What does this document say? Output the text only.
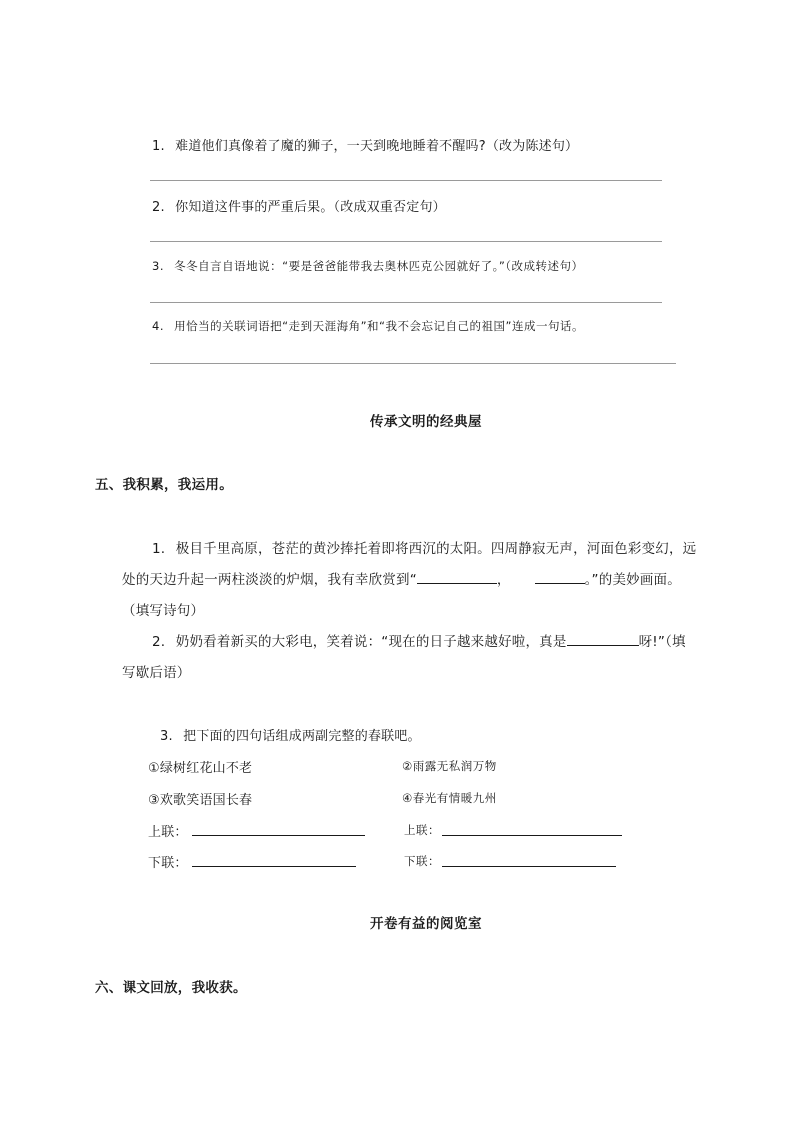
1. 难道他们真像着了魔的狮子，一天到晚地睡着不醒吗?（改为陈述句）
2. 你知道这件事的严重后果。（改成双重否定句）
3. 冬冬自言自语地说：“要是爸爸能带我去奥林匹克公园就好了。”（改成转述句）
4. 用恰当的关联词语把“走到天涯海角”和“我不会忘记自己的祖国”连成一句话。
传承文明的经典屋
五、我积累，我运用。
1. 极目千里高原，苍茫的黄沙捧托着即将西沉的太阳。四周静寂无声，河面色彩变幻，远
处的天边升起一两柱淡淡的炉烟，我有幸欣赏到“	，	。”的美妙画面。
（填写诗句）
2. 奶奶看着新买的大彩电，笑着说：“现在的日子越来越好啦，真是	呀!”（填
写歇后语）
3. 把下面的四句话组成两副完整的春联吧。
①绿树红花山不老	②雨露无私润万物
③欢歌笑语国长春	④春光有情暖九州
上联：	上联：
下联：	下联：
开卷有益的阅览室
六、课文回放，我收获。
